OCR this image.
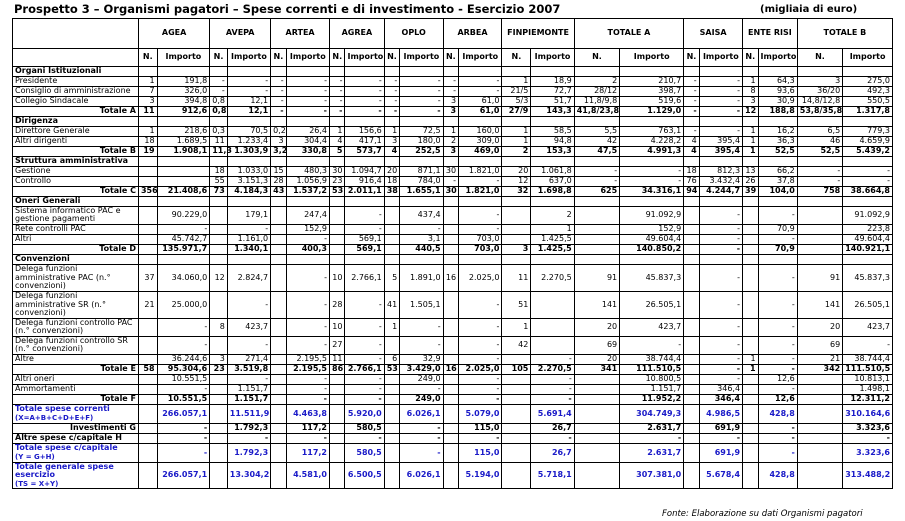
Prospetto 3 – Organismi pagatori – Spese correnti e di investimento - Esercizio 2007	(migliaia di euro)
	AGEA		AVEPA		ARTEA		AGREA		OPLO		ARBEA		FINPIEMONTE		TOTALE A		SAISA		ENTE RISI		TOTALE B	
	N.	Importo	N.	Importo	N.	Importo	N.	Importo	N.	Importo	N.	Importo	N.	Importo	N.	Importo	N.	Importo	N.	Importo	N.	Importo
Organi Istituzionali																						
Presidente	1	191,8	-	-	-	-	-	-	-	-	-	-	1	18,9	2	210,7	-	-	1	64,3	3	275,0
Consiglio di amministrazione	7	326,0	-	-	-	-	-	-	-	-	-	-	21/5	72,7	28/12	398,7	-	-	8	93,6	36/20	492,3
Collegio Sindacale	3	394,8	0,8	12,1	-	-	-	-	-	-	3	61,0	5/3	51,7	11,8/9,8	519,6	-	-	3	30,9	14,8/12,8	550,5
Totale A	11	912,6	0,8	12,1	-	-	-	-	-	-	3	61,0	27/9	143,3	41,8/23,8	1.129,0	-	-	12	188,8	53,8/35,8	1.317,8
Dirigenza																						
Direttore Generale	1	218,6	0,3	70,5	0,2	26,4	1	156,6	1	72,5	1	160,0	1	58,5	5,5	763,1	-	-	1	16,2	6,5	779,3
Altri dirigenti	18	1.689,5	11	1.233,4	3	304,4	4	417,1	3	180,0	2	309,0	1	94,8	42	4.228,2	4	395,4	1	36,3	46	4.659,9
Totale B	19	1.908,1	11,3	1.303,9	3,2	330,8	5	573,7	4	252,5	3	469,0	2	153,3	47,5	4.991,3	4	395,4	1	52,5	52,5	5.439,2
Struttura amministrativa																						
Gestione			18	1.033,0	15	480,3	30	1.094,7	20	871,1	30	1.821,0	20	1.061,8	-	-	18	812,3	13	66,2	-	-
Controllo			55	3.151,3	28	1.056,9	23	916,4	18	784,0	-	-	12	637,0	-	-	76	3.432,4	26	37,8	-	-
Totale C	356	21.408,6	73	4.184,3	43	1.537,2	53	2.011,1	38	1.655,1	30	1.821,0	32	1.698,8	625	34.316,1	94	4.244,7	39	104,0	758	38.664,8
Oneri Generali																						
Sistema informatico PAC e gestione pagamenti		90.229,0		179,1		247,4		-		437,4		-		2		91.092,9		-		-		91.092,9
Rete controlli PAC		-		-		152,9		-		-		-		1		152,9		-		70,9		223,8
Altri		45.742,7		1.161,0		-		569,1		3,1		703,0		1.425,5		49.604,4		-		-		49.604,4
Totale D		135.971,7		1.340,1		400,3		569,1		440,5		703,0	3	1.425,5		140.850,2		-		70,9		140.921,1
Convenzioni																						
Delega funzioni amministrative PAC (n.° convenzioni)	37	34.060,0	12	2.824,7		-	10	2.766,1	5	1.891,0	16	2.025,0	11	2.270,5	91	45.837,3		-		-	91	45.837,3
Delega funzioni amministrative SR (n.° convenzioni)	21	25.000,0		-		-	28	-	41	1.505,1		-	51		141	26.505,1		-		-	141	26.505,1
Delega funzioni controllo PAC (n.° convenzioni)		-	8	423,7		-	10	-	1	-		-	1		20	423,7		-		-	20	423,7
Delega funzioni controllo SR (n.° convenzioni)		-		-		-	27	-		-		-	42		69	-		-		-	69	-
Altre		36.244,6	3	271,4		2.195,5	11	-	6	32,9		-		-	20	38.744,4		-	1	-	21	38.744,4
Totale E	58	95.304,6	23	3.519,8		2.195,5	86	2.766,1	53	3.429,0	16	2.025,0	105	2.270,5	341	111.510,5		-	1	-	342	111.510,5
Altri oneri		10.551,5		-		-		-		249,0		-		-		10.800,5		-		12,6		10.813,1
Ammortamenti		-		1.151,7		-		-		-		-		-		1.151,7		346,4		-		1.498,1
Totale F		10.551,5		1.151,7		-		-		249,0		-		-		11.952,2		346,4		12,6		12.311,2
Totale spese correnti
(X=A+B+C+D+E+F)		266.057,1		11.511,9		4.463,8		5.920,0		6.026,1		5.079,0		5.691,4		304.749,3		4.986,5		428,8		310.164,6
Investimenti G		-		1.792,3		117,2		580,5		-		115,0		26,7		2.631,7		691,9		-		3.323,6
Altre spese c/capitale H		-		-		-		-		-		-		-		-		-		-		-
Totale spese c/capitale
(Y = G+H)		-		1.792,3		117,2		580,5		-		115,0		26,7		2.631,7		691,9		-		3.323,6
Totale generale spese esercizio
(TS = X+Y)		266.057,1		13.304,2		4.581,0		6.500,5		6.026,1		5.194,0		5.718,1		307.381,0		5.678,4		428,8		313.488,2
Fonte: Elaborazione su dati Organismi pagatori
